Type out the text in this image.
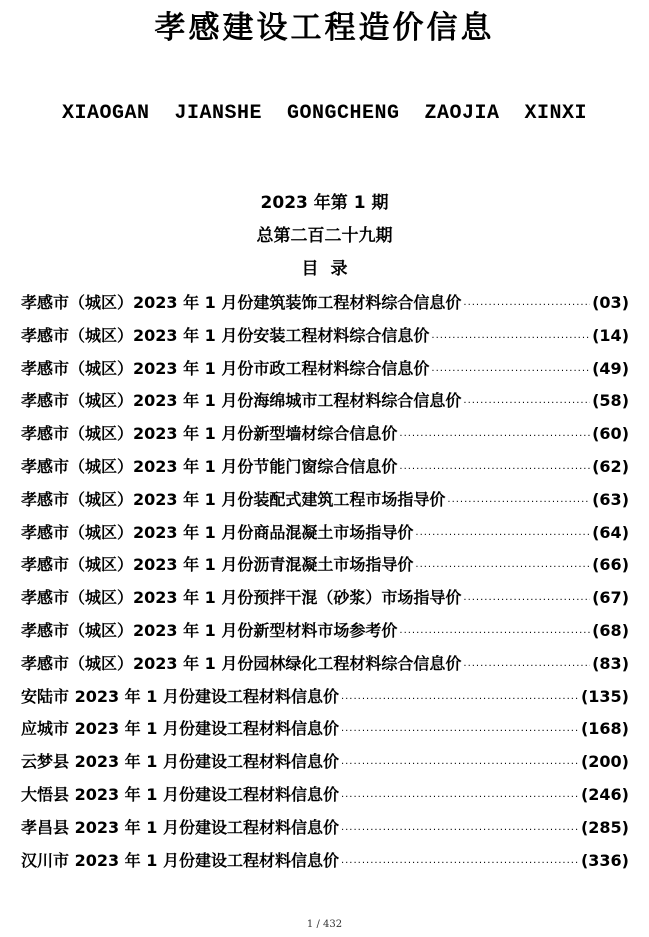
孝感建设工程造价信息
XIAOGAN  JIANSHE  GONGCHENG  ZAOJIA  XINXI
2023 年第 1 期
总第二百二十九期
目录
孝感市（城区）2023 年 1 月份建筑装饰工程材料综合信息价 ·····	(03)
孝感市（城区）2023 年 1 月份安装工程材料综合信息价 ·····	(14)
孝感市（城区）2023 年 1 月份市政工程材料综合信息价 ·····	(49)
孝感市（城区）2023 年 1 月份海绵城市工程材料综合信息价 ·····	(58)
孝感市（城区）2023 年 1 月份新型墙材综合信息价 ·····	(60)
孝感市（城区）2023 年 1 月份节能门窗综合信息价 ·····	(62)
孝感市（城区）2023 年 1 月份装配式建筑工程市场指导价 ·····	(63)
孝感市（城区）2023 年 1 月份商品混凝土市场指导价 ·····	(64)
孝感市（城区）2023 年 1 月份沥青混凝土市场指导价 ·····	(66)
孝感市（城区）2023 年 1 月份预拌干混（砂浆）市场指导价 ·····	(67)
孝感市（城区）2023 年 1 月份新型材料市场参考价 ·····	(68)
孝感市（城区）2023 年 1 月份园林绿化工程材料综合信息价 ·····	(83)
安陆市 2023 年 1 月份建设工程材料信息价 ·····	(135)
应城市 2023 年 1 月份建设工程材料信息价 ·····	(168)
云梦县 2023 年 1 月份建设工程材料信息价 ·····	(200)
大悟县 2023 年 1 月份建设工程材料信息价 ·····	(246)
孝昌县 2023 年 1 月份建设工程材料信息价 ·····	(285)
汉川市 2023 年 1 月份建设工程材料信息价 ·····	(336)
1 / 432
